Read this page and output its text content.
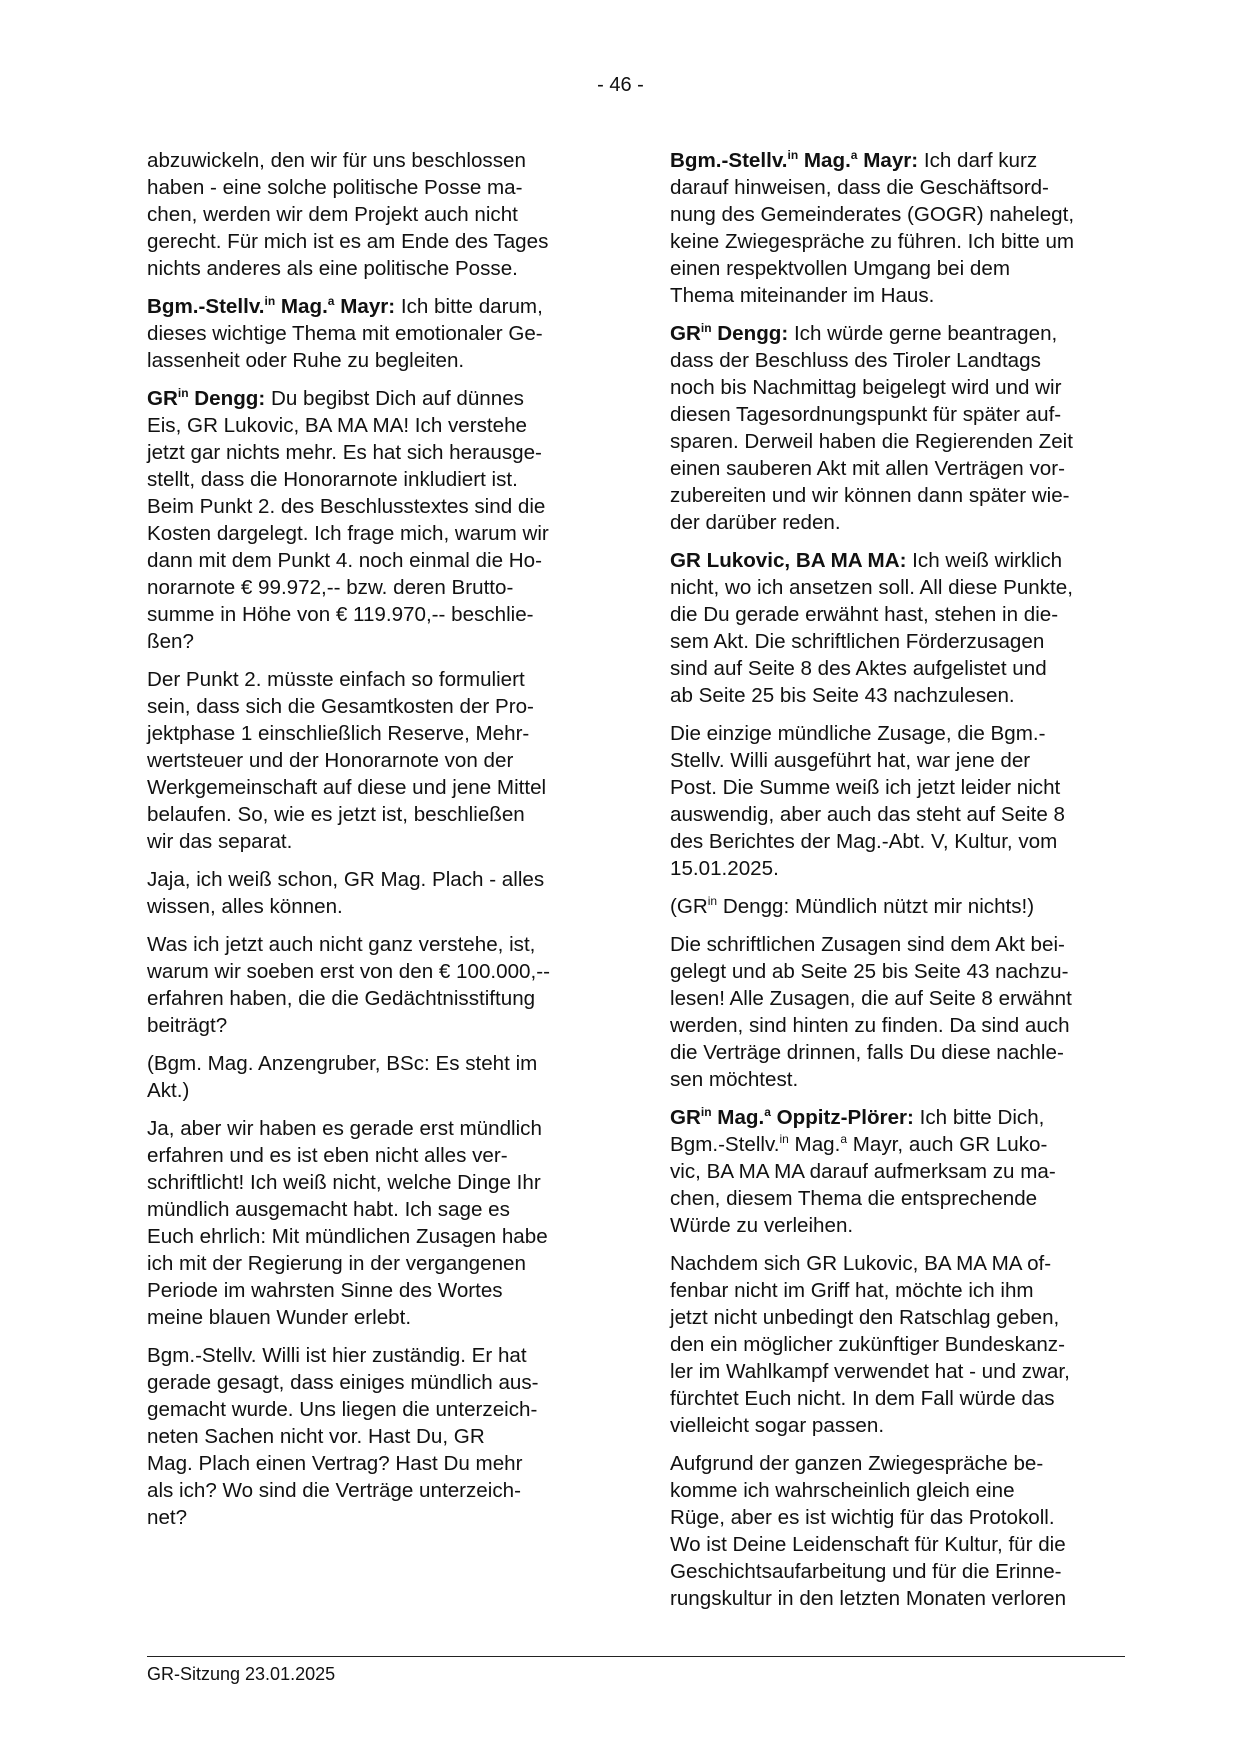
- 46 -

abzuwickeln, den wir für uns beschlossen
haben - eine solche politische Posse ma-
chen, werden wir dem Projekt auch nicht
gerecht. Für mich ist es am Ende des Tages
nichts anderes als eine politische Posse.

Bgm.-Stellv.$^{in}$ Mag.$^a$ Mayr: Ich bitte darum,
dieses wichtige Thema mit emotionaler Ge-
lassenheit oder Ruhe zu begleiten.

$GR^{in}$ Dengg: Du begibst Dich auf dünnes
Eis, GR Lukovic, BA MA MA! Ich verstehe
jetzt gar nichts mehr. Es hat sich herausge-
stellt, dass die Honorarnote inkludiert ist.
Beim Punkt 2. des Beschlusstextes sind die
Kosten dargelegt. Ich frage mich, warum wir
dann mit dem Punkt 4. noch einmal die Ho-
norarnote € 99.972,-- bzw. deren Brutto-
summe in Höhe von € 119.970,-- beschlie-
ßen?

Der Punkt 2. müsste einfach so formuliert
sein, dass sich die Gesamtkosten der Pro-
jektphase 1 einschließlich Reserve, Mehr-
wertsteuer und der Honorarnote von der
Werkgemeinschaft auf diese und jene Mittel
belaufen. So, wie es jetzt ist, beschließen
wir das separat.

Jaja, ich weiß schon, GR Mag. Plach - alles
wissen, alles können.

Was ich jetzt auch nicht ganz verstehe, ist,
warum wir soeben erst von den € 100.000,--
erfahren haben, die die Gedächtnisstiftung
beiträgt?

(Bgm. Mag. Anzengruber, BSc: Es steht im
Akt.)

Ja, aber wir haben es gerade erst mündlich
erfahren und es ist eben nicht alles ver-
schriftlicht! Ich weiß nicht, welche Dinge Ihr
mündlich ausgemacht habt. Ich sage es
Euch ehrlich: Mit mündlichen Zusagen habe
ich mit der Regierung in der vergangenen
Periode im wahrsten Sinne des Wortes
meine blauen Wunder erlebt.

Bgm.-Stellv. Willi ist hier zuständig. Er hat
gerade gesagt, dass einiges mündlich aus-
gemacht wurde. Uns liegen die unterzeich-
neten Sachen nicht vor. Hast Du, GR
Mag. Plach einen Vertrag? Hast Du mehr
als ich? Wo sind die Verträge unterzeich-
net?

Bgm.-Stellv.$^{in}$ Mag.$^a$ Mayr: Ich darf kurz
darauf hinweisen, dass die Geschäftsord-
nung des Gemeinderates (GOGR) nahelegt,
keine Zwiegespräche zu führen. Ich bitte um
einen respektvollen Umgang bei dem
Thema miteinander im Haus.

$GR^{in}$ Dengg: Ich würde gerne beantragen,
dass der Beschluss des Tiroler Landtags
noch bis Nachmittag beigelegt wird und wir
diesen Tagesordnungspunkt für später auf-
sparen. Derweil haben die Regierenden Zeit
einen sauberen Akt mit allen Verträgen vor-
zubereiten und wir können dann später wie-
der darüber reden.

GR Lukovic, BA MA MA: Ich weiß wirklich
nicht, wo ich ansetzen soll. All diese Punkte,
die Du gerade erwähnt hast, stehen in die-
sem Akt. Die schriftlichen Förderzusagen
sind auf Seite 8 des Aktes aufgelistet und
ab Seite 25 bis Seite 43 nachzulesen.

Die einzige mündliche Zusage, die Bgm.-
Stellv. Willi ausgeführt hat, war jene der
Post. Die Summe weiß ich jetzt leider nicht
auswendig, aber auch das steht auf Seite 8
des Berichtes der Mag.-Abt. V, Kultur, vom
15.01.2025.

($GR^{in}$ Dengg: Mündlich nützt mir nichts!)

Die schriftlichen Zusagen sind dem Akt bei-
gelegt und ab Seite 25 bis Seite 43 nachzu-
lesen! Alle Zusagen, die auf Seite 8 erwähnt
werden, sind hinten zu finden. Da sind auch
die Verträge drinnen, falls Du diese nachle-
sen möchtest.

$GR^{in}$ Mag.$^a$ Oppitz-Plörer: Ich bitte Dich,
Bgm.-Stellv.$^{in}$ Mag.$^a$ Mayr, auch GR Luko-
vic, BA MA MA darauf aufmerksam zu ma-
chen, diesem Thema die entsprechende
Würde zu verleihen.

Nachdem sich GR Lukovic, BA MA MA of-
fenbar nicht im Griff hat, möchte ich ihm
jetzt nicht unbedingt den Ratschlag geben,
den ein möglicher zukünftiger Bundeskanz-
ler im Wahlkampf verwendet hat - und zwar,
fürchtet Euch nicht. In dem Fall würde das
vielleicht sogar passen.

Aufgrund der ganzen Zwiegespräche be-
komme ich wahrscheinlich gleich eine
Rüge, aber es ist wichtig für das Protokoll.
Wo ist Deine Leidenschaft für Kultur, für die
Geschichtsaufarbeitung und für die Erinne-
rungskultur in den letzten Monaten verloren

GR-Sitzung 23.01.2025
